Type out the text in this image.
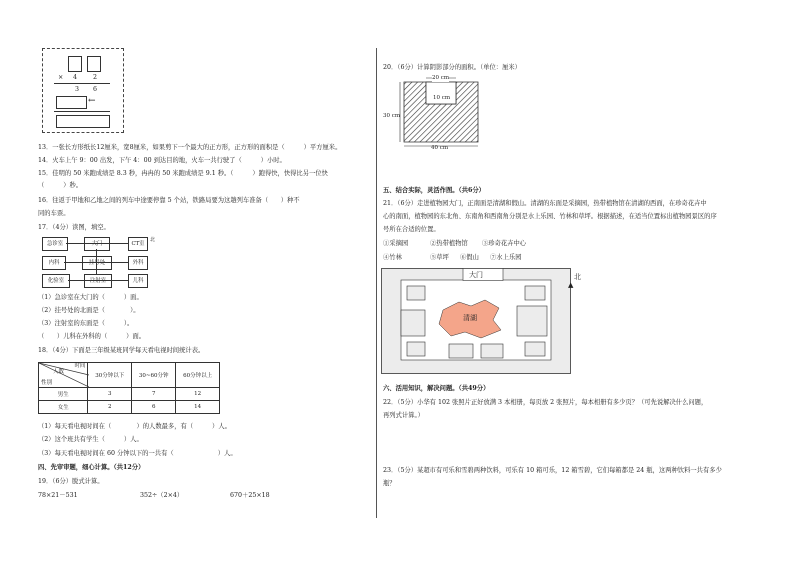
× 4	2
3 6
←
13．一张长方形纸长12厘米，宽8厘米，如果剪下一个最大的正方形，正方形的面积是（　　　）平方厘米。
14．火车上午 9：00 出发，下午 4：00 到达目的地，火车一共行驶了（　　　）小时。
15．佳明的 50 米跑成绩是 8.3 秒，冉冉的 50 米跑成绩是 9.1 秒。（　　　）跑得快，快得比另一位快
（　　　）秒。
16．往返于甲地和乙地之间的列车中途要停靠 5 个站，铁路局要为这趟列车准备（　　）种不
同的车票。
17．（4分）读图，填空。
急诊室	大门	CT室
内科	挂号处	外科
化验室	注射室	儿科
北
（1）急诊室在大门的（　　　）面。
（2）挂号处的北面是（　　　　）。
（3）注射室的东面是（　　　）。
（　　）儿科在外科的（　　　）面。
18．（4分）下面是三年级某班同学每天看电视时间统计表。
时间
人数
性别	30分钟以下	30~60分钟	60分钟以上
男生	3	7	12
女生	2	6	14
（1）每天看电视时间在（　　　　）的人数最多，有（　　　）人。
（2）这个班共有学生（　　　）人。
（3）每天看电视时间在 60 分钟以下的一共有（　　　　　　　）人。
四、先审审题，细心计算。（共12分）
19．（6分）脱式计算。
78×21－531	352÷（2×4）	670＋25×18
20．（6分）计算阴影部分的面积。（单位：厘米）
20 cm
10 cm
30 cm
40 cm
五、结合实际，灵活作图。（共6分）
21．（6分）走进植物园大门，正南面是清湖和假山。清湖的东面是采摘园，热带植物馆在清湖的西面，在珍奇花卉中
心的南面，植物园的东北角、东南角和西南角分别是水上乐园、竹林和草坪。根据描述，在适当位置标出植物园景区的序
号所在合适的位置。
①采摘园	②热带植物馆 ③珍奇花卉中心
④竹林	⑤草坪 ⑥假山 ⑦水上乐园
大门
清湖
▲
北
六、活用知识，解决问题。（共49分）
22．（5分）小华有 102 张照片正好放满 3 本相册，每页放 2 张照片，每本相册有多少页？（可先说解决什么问题，
再列式计算。）
23．（5分）某超市有可乐和雪碧两种饮料，可乐有 10 箱可乐，12 箱雪碧，它们每箱都是 24 瓶，这两种饮料一共有多少
瓶？
